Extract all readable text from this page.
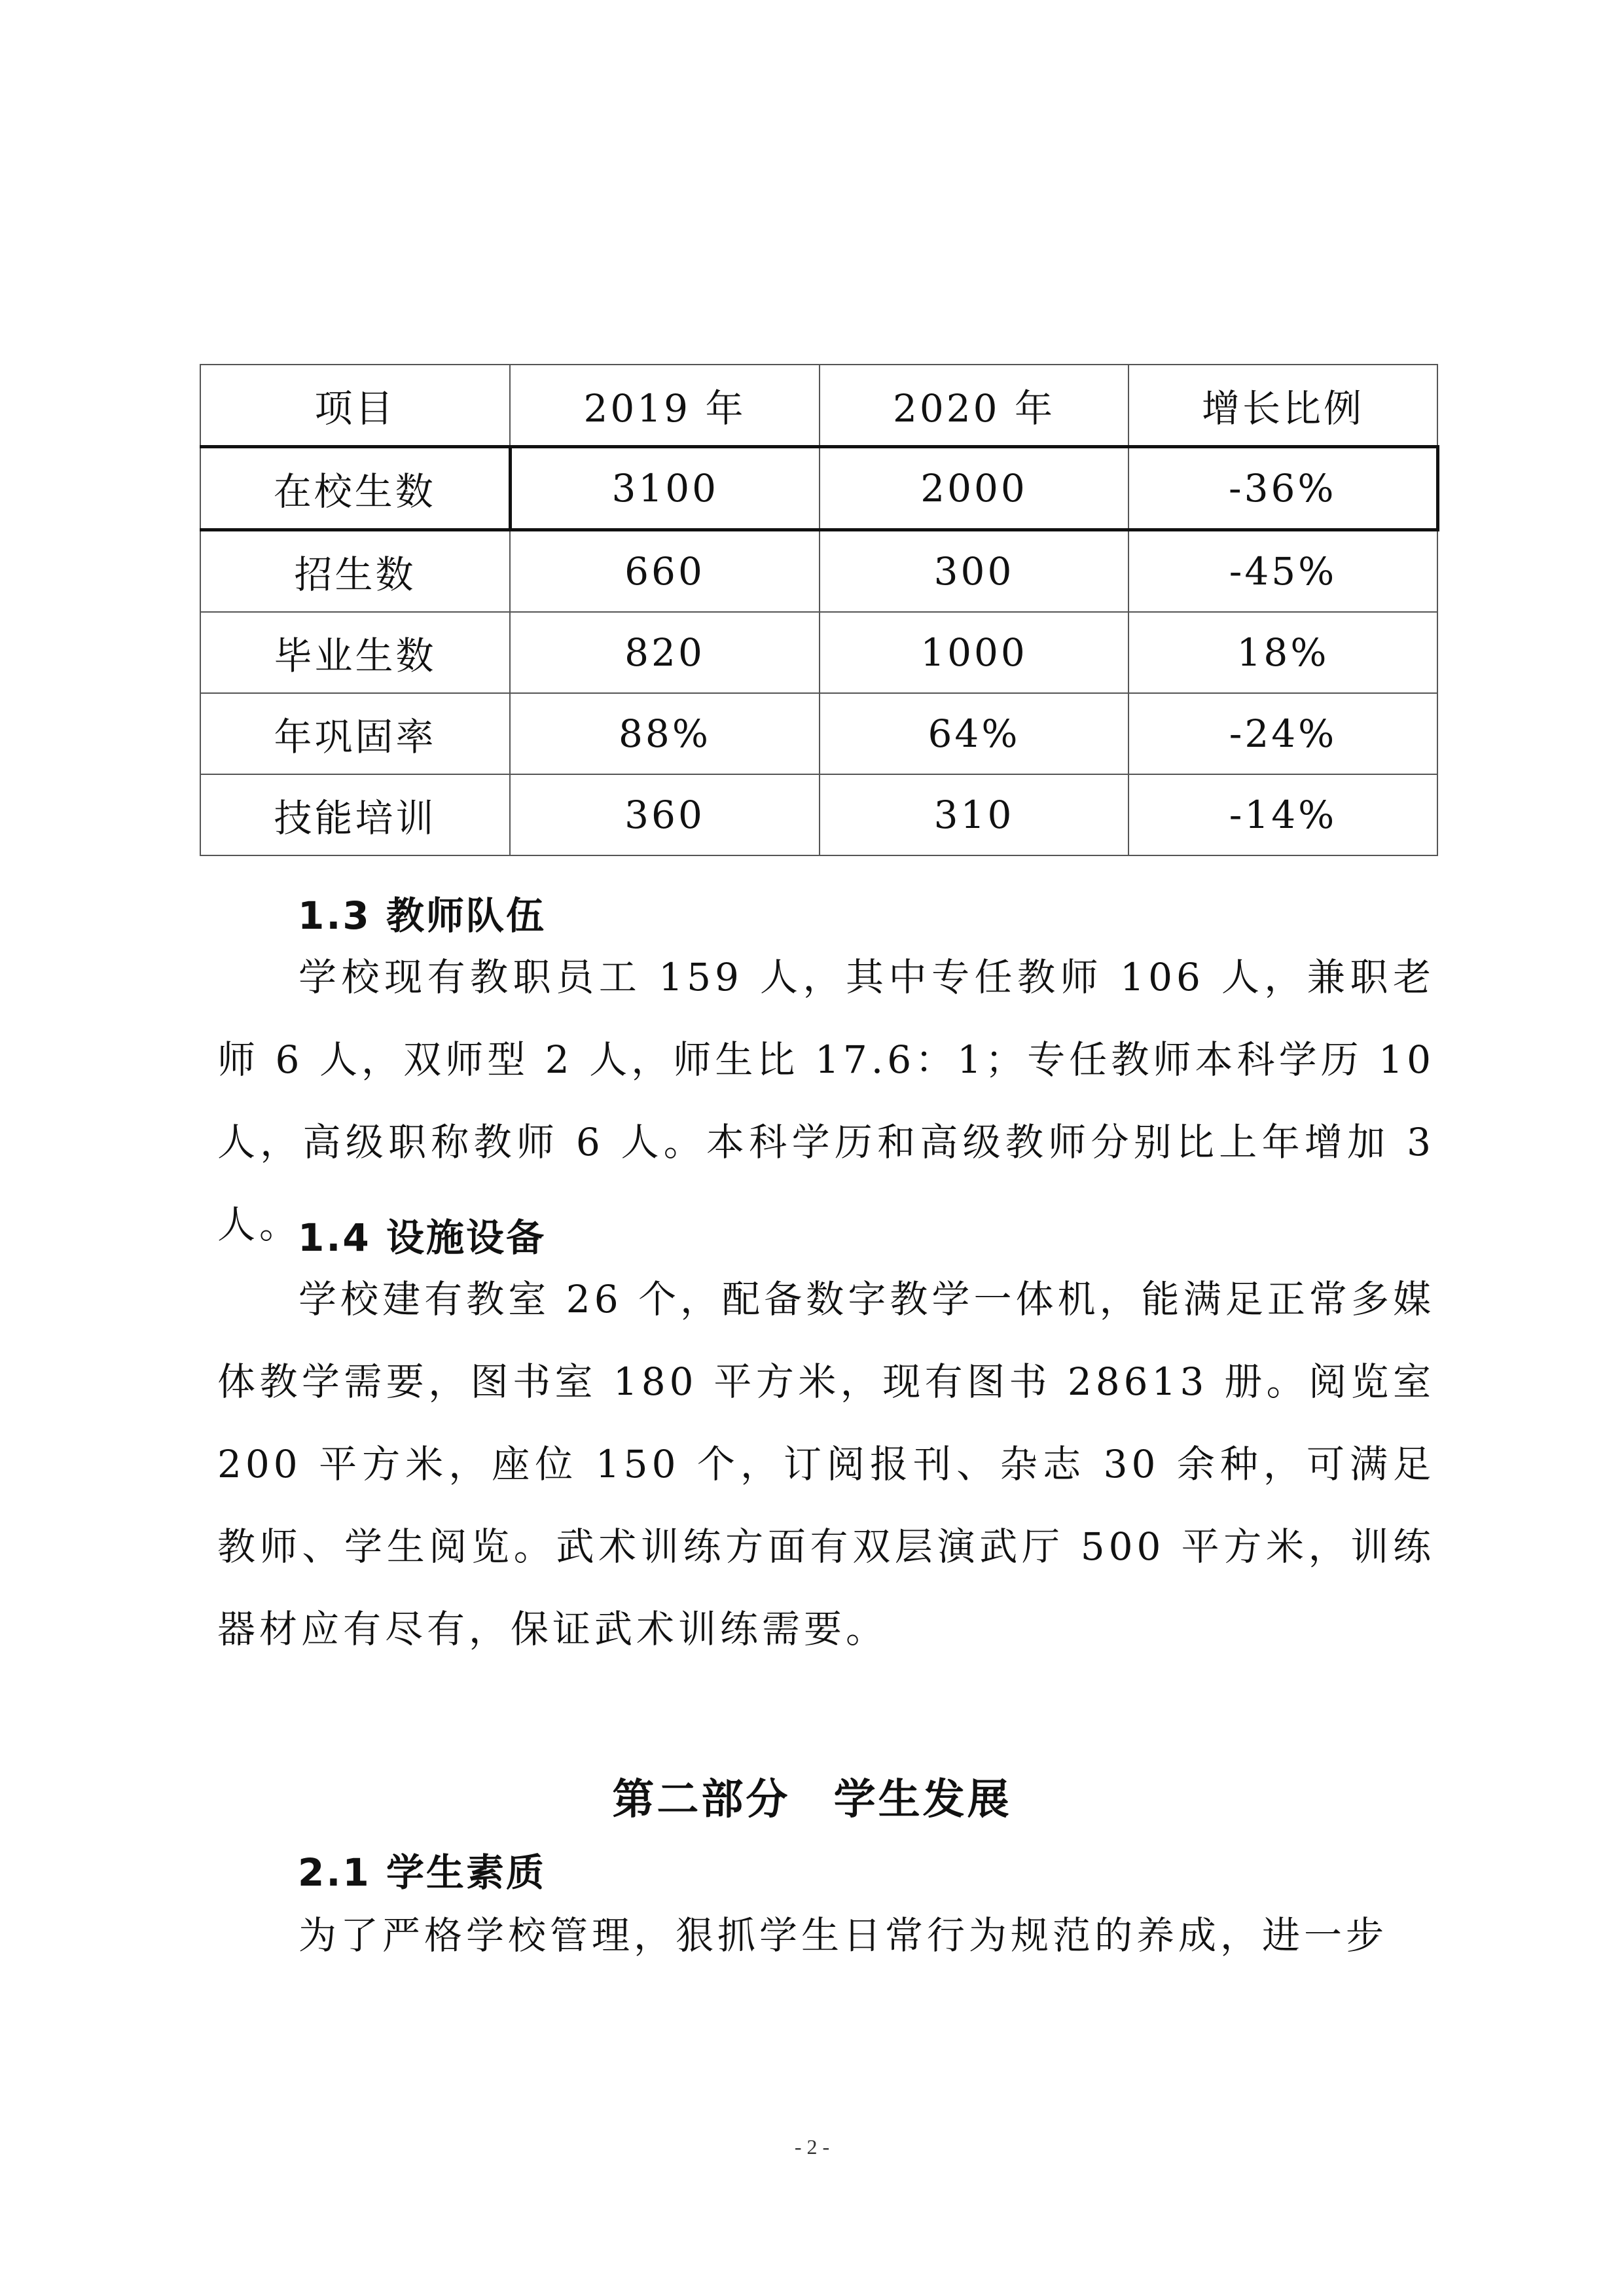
项目	2019 年	2020 年	增长比例
在校生数	3100	2000	-36%
招生数	660	300	-45%
毕业生数	820	1000	18%
年巩固率	88%	64%	-24%
技能培训	360	310	-14%
1.3 教师队伍

学校现有教职员工 159 人，其中专任教师 106 人，兼职老师 6 人，双师型 2 人，师生比 17.6：1；专任教师本科学历 10 人，高级职称教师 6 人。本科学历和高级教师分别比上年增加 3 人。

1.4 设施设备

学校建有教室 26 个，配备数字教学一体机，能满足正常多媒体教学需要，图书室 180 平方米，现有图书 28613 册。阅览室 200 平方米，座位 150 个，订阅报刊、杂志 30 余种，可满足教师、学生阅览。武术训练方面有双层演武厅 500 平方米，训练器材应有尽有，保证武术训练需要。

第二部分 学生发展
2.1 学生素质

为了严格学校管理，狠抓学生日常行为规范的养成，进一步

- 2 -
